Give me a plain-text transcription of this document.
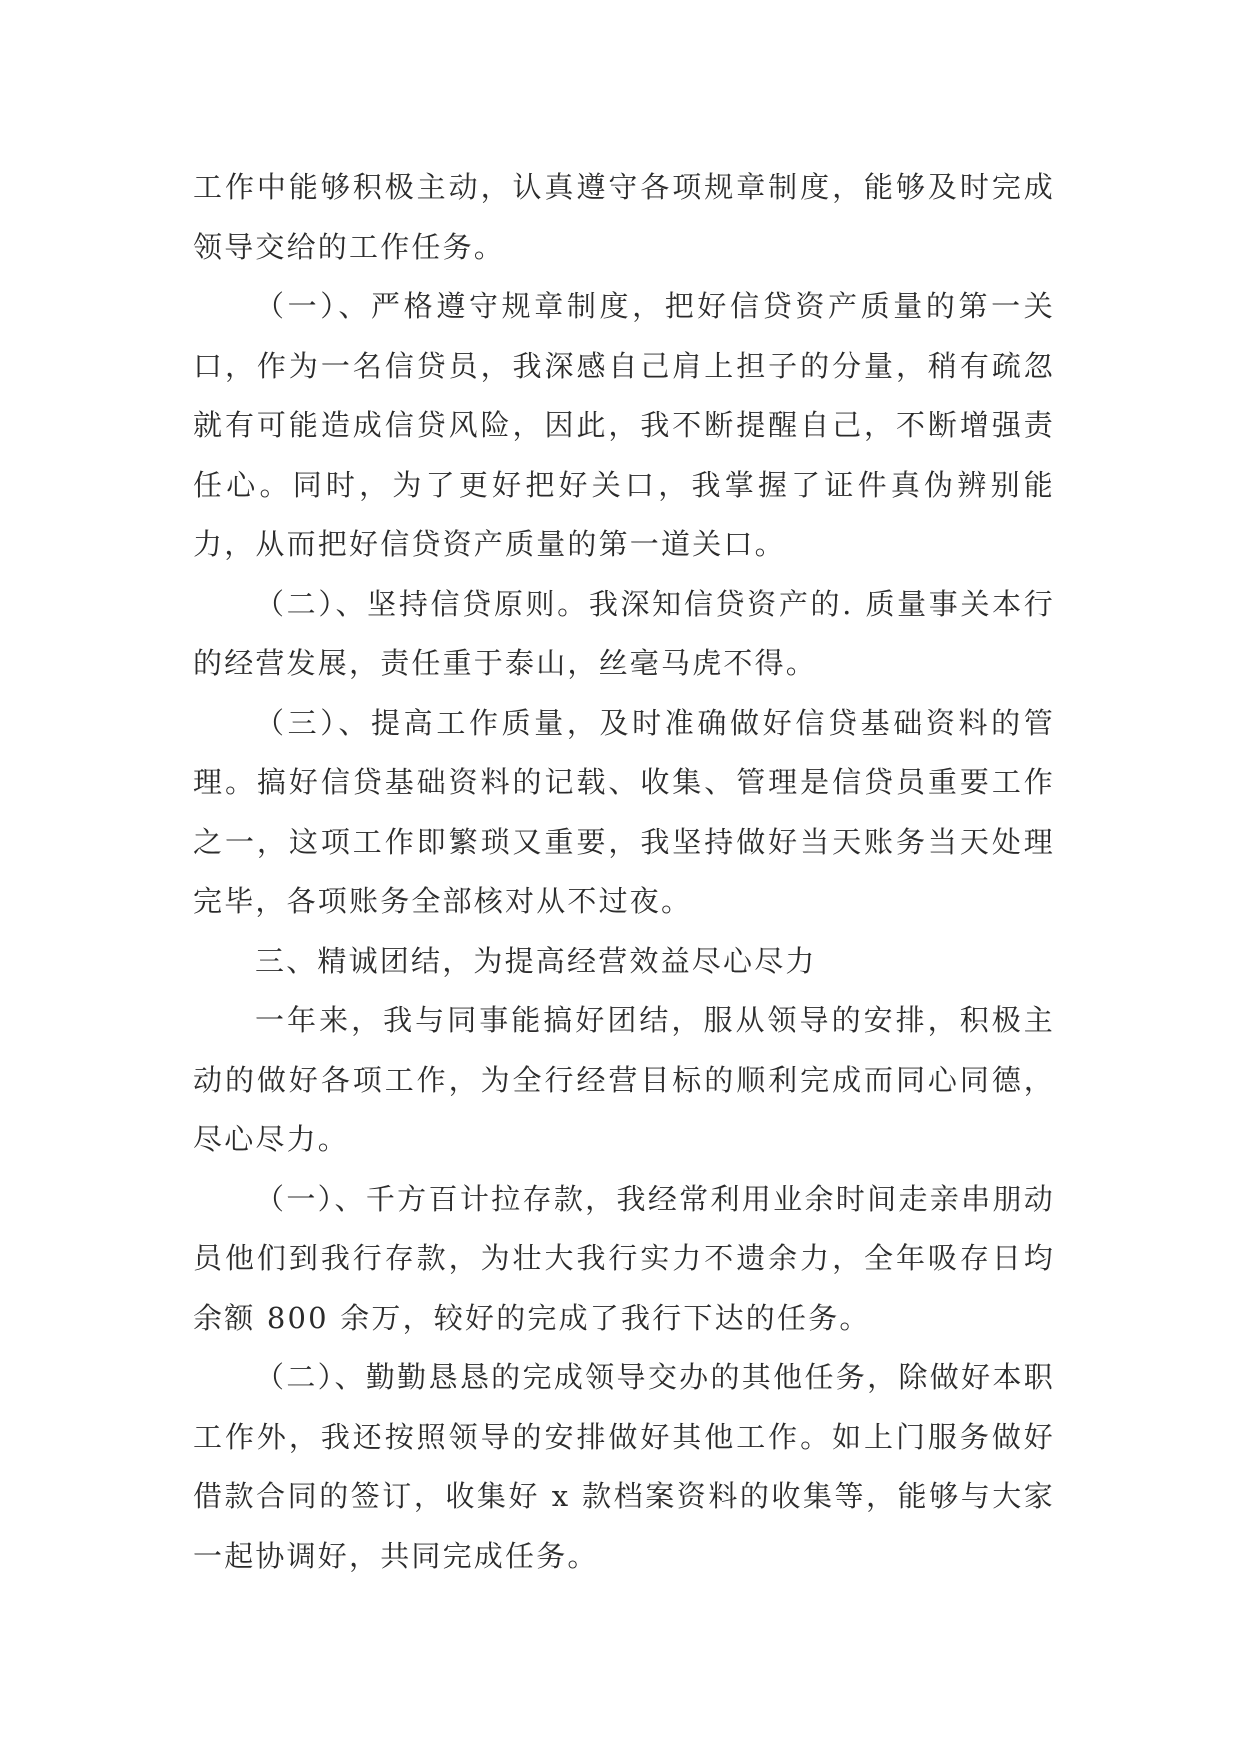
工作中能够积极主动，认真遵守各项规章制度，能够及时完成领导交给的工作任务。

（一）、严格遵守规章制度，把好信贷资产质量的第一关口，作为一名信贷员，我深感自己肩上担子的分量，稍有疏忽就有可能造成信贷风险，因此，我不断提醒自己，不断增强责任心。同时，为了更好把好关口，我掌握了证件真伪辨别能力，从而把好信贷资产质量的第一道关口。

（二）、坚持信贷原则。我深知信贷资产的. 质量事关本行的经营发展，责任重于泰山，丝毫马虎不得。

（三）、提高工作质量，及时准确做好信贷基础资料的管理。搞好信贷基础资料的记载、收集、管理是信贷员重要工作之一，这项工作即繁琐又重要，我坚持做好当天账务当天处理完毕，各项账务全部核对从不过夜。

三、精诚团结，为提高经营效益尽心尽力

一年来，我与同事能搞好团结，服从领导的安排，积极主动的做好各项工作，为全行经营目标的顺利完成而同心同德，尽心尽力。

（一）、千方百计拉存款，我经常利用业余时间走亲串朋动员他们到我行存款，为壮大我行实力不遗余力，全年吸存日均余额 800 余万，较好的完成了我行下达的任务。

（二）、勤勤恳恳的完成领导交办的其他任务，除做好本职工作外，我还按照领导的安排做好其他工作。如上门服务做好借款合同的签订，收集好 x 款档案资料的收集等，能够与大家一起协调好，共同完成任务。
